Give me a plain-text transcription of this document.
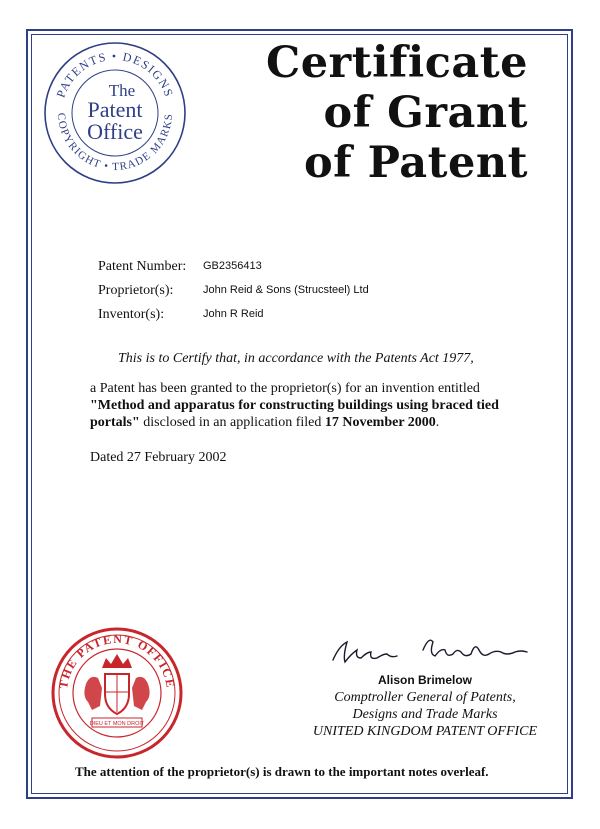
PATENTS • DESIGNS
COPYRIGHT • TRADE MARKS
The
Patent
Office
Certificate
of Grant
of Patent
Patent Number: GB2356413
Proprietor(s):	John Reid & Sons (Strucsteel) Ltd
Inventor(s):	John R Reid
This is to Certify that, in accordance with the Patents Act 1977,
a Patent has been granted to the proprietor(s) for an invention entitled "Method and apparatus for constructing buildings using braced tied portals" disclosed in an application filed 17 November 2000.
Dated 27 February 2002
THE PATENT OFFICE
DIEU ET MON DROIT
Alison Brimelow
Comptroller General of Patents,
Designs and Trade Marks
UNITED KINGDOM PATENT OFFICE
The attention of the proprietor(s) is drawn to the important notes overleaf.
